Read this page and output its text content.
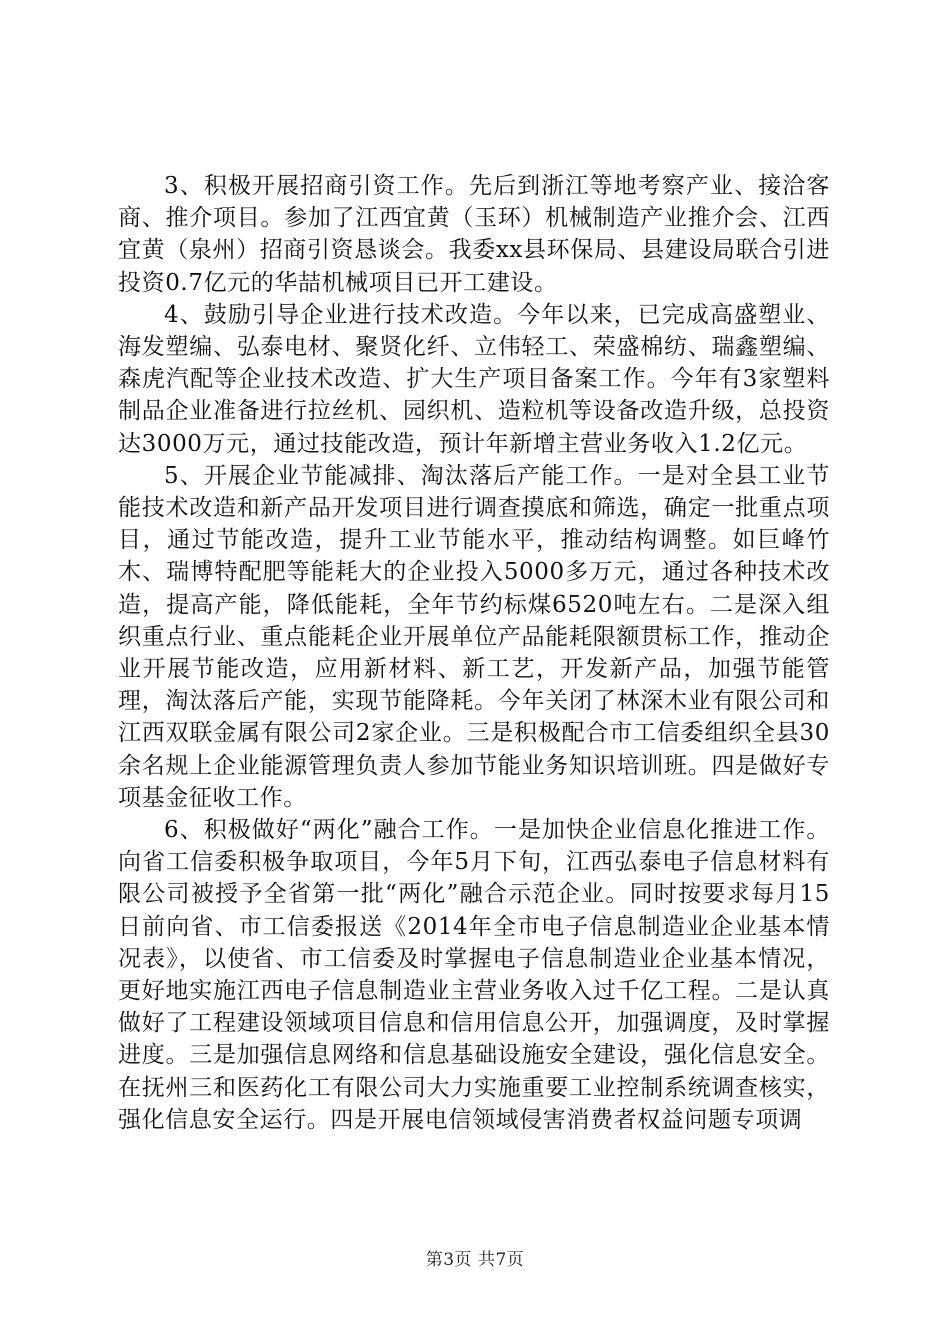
3、积极开展招商引资工作。先后到浙江等地考察产业、接洽客商、推介项目。参加了江西宜黄（玉环）机械制造产业推介会、江西宜黄（泉州）招商引资恳谈会。我委xx县环保局、县建设局联合引进投资0.7亿元的华喆机械项目已开工建设。

4、鼓励引导企业进行技术改造。今年以来，已完成高盛塑业、海发塑编、弘泰电材、聚贤化纤、立伟轻工、荣盛棉纺、瑞鑫塑编、森虎汽配等企业技术改造、扩大生产项目备案工作。今年有3家塑料制品企业准备进行拉丝机、园织机、造粒机等设备改造升级，总投资达3000万元，通过技能改造，预计年新增主营业务收入1.2亿元。

5、开展企业节能减排、淘汰落后产能工作。一是对全县工业节能技术改造和新产品开发项目进行调查摸底和筛选，确定一批重点项目，通过节能改造，提升工业节能水平，推动结构调整。如巨峰竹木、瑞博特配肥等能耗大的企业投入5000多万元，通过各种技术改造，提高产能，降低能耗，全年节约标煤6520吨左右。二是深入组织重点行业、重点能耗企业开展单位产品能耗限额贯标工作，推动企业开展节能改造，应用新材料、新工艺，开发新产品，加强节能管理，淘汰落后产能，实现节能降耗。今年关闭了林深木业有限公司和江西双联金属有限公司2家企业。三是积极配合市工信委组织全县30余名规上企业能源管理负责人参加节能业务知识培训班。四是做好专项基金征收工作。

6、积极做好“两化”融合工作。一是加快企业信息化推进工作。向省工信委积极争取项目，今年5月下旬，江西弘泰电子信息材料有限公司被授予全省第一批“两化”融合示范企业。同时按要求每月15日前向省、市工信委报送《2014年全市电子信息制造业企业基本情况表》，以使省、市工信委及时掌握电子信息制造业企业基本情况，更好地实施江西电子信息制造业主营业务收入过千亿工程。二是认真做好了工程建设领域项目信息和信用信息公开，加强调度，及时掌握进度。三是加强信息网络和信息基础设施安全建设，强化信息安全。在抚州三和医药化工有限公司大力实施重要工业控制系统调查核实，强化信息安全运行。四是开展电信领域侵害消费者权益问题专项调

第3页 共7页
